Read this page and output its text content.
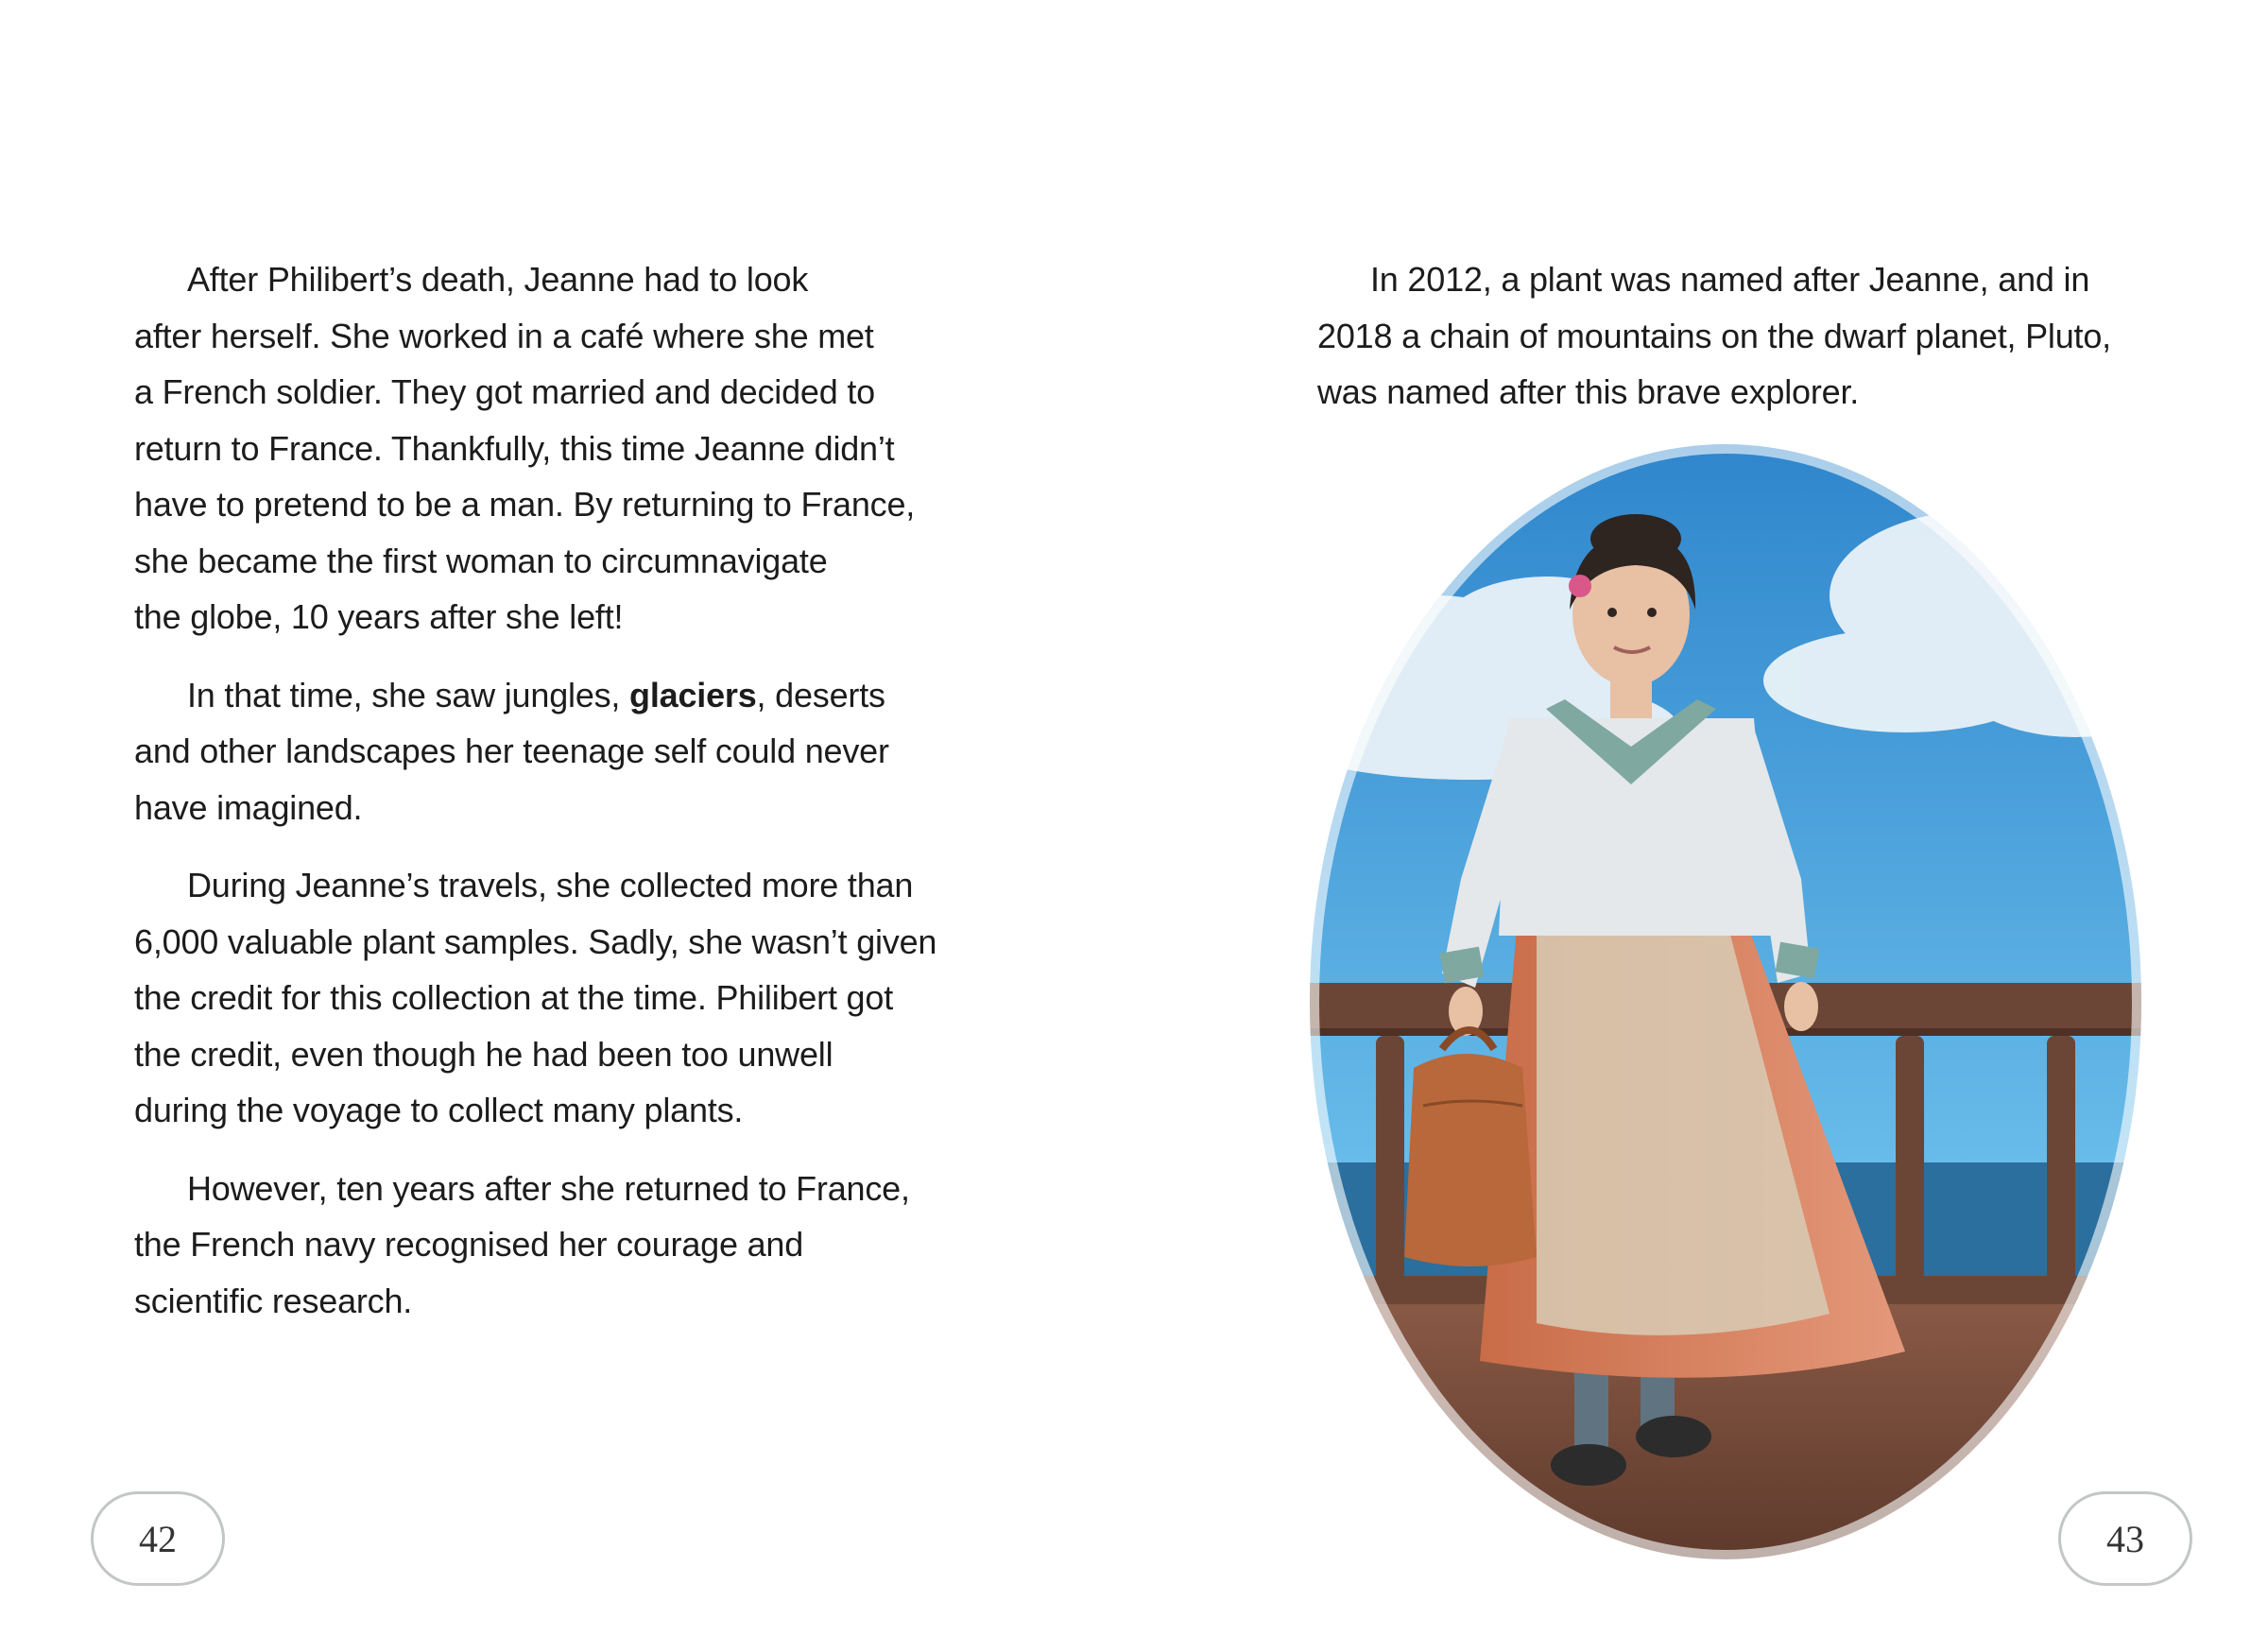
After Philibert’s death, Jeanne had to look
after herself. She worked in a café where she met
a French soldier. They got married and decided to
return to France. Thankfully, this time Jeanne didn’t
have to pretend to be a man. By returning to France,
she became the first woman to circumnavigate
the globe, 10 years after she left!

In that time, she saw jungles, glaciers, deserts
and other landscapes her teenage self could never
have imagined.

During Jeanne’s travels, she collected more than
6,000 valuable plant samples. Sadly, she wasn’t given
the credit for this collection at the time. Philibert got
the credit, even though he had been too unwell
during the voyage to collect many plants.

However, ten years after she returned to France,
the French navy recognised her courage and
scientific research.

42

In 2012, a plant was named after Jeanne, and in
2018 a chain of mountains on the dwarf planet, Pluto,
was named after this brave explorer.

43
